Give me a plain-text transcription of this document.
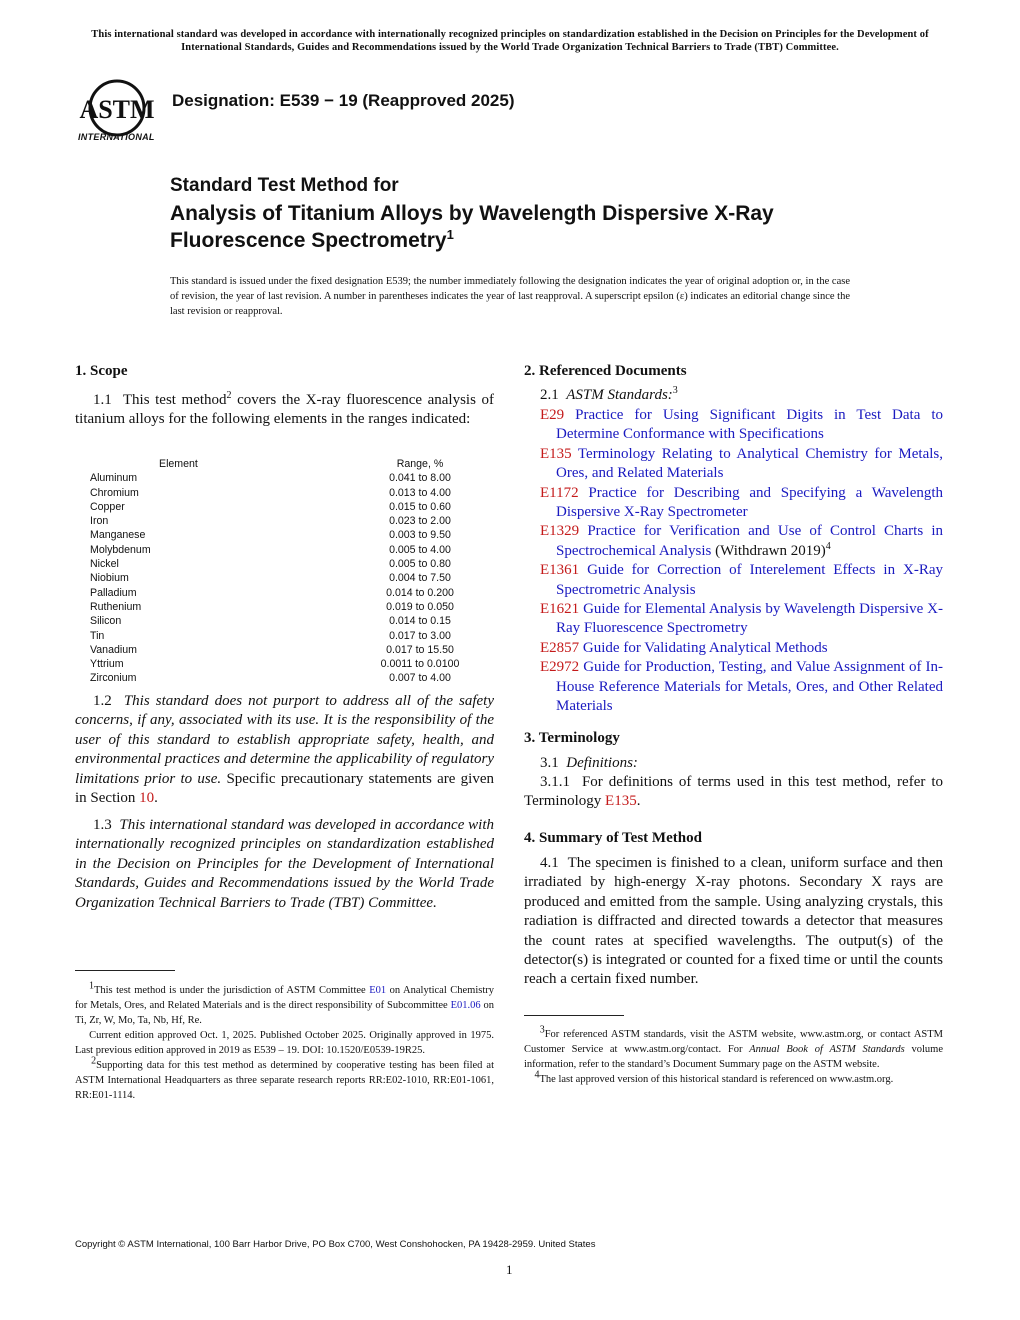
This international standard was developed in accordance with internationally recognized principles on standardization established in the Decision on Principles for the Development of International Standards, Guides and Recommendations issued by the World Trade Organization Technical Barriers to Trade (TBT) Committee.
ASTM
INTERNATIONAL
Designation: E539 − 19 (Reapproved 2025)
Standard Test Method for
Analysis of Titanium Alloys by Wavelength Dispersive X-Ray Fluorescence Spectrometry$^1$
This standard is issued under the fixed designation E539; the number immediately following the designation indicates the year of original adoption or, in the case of revision, the year of last revision. A number in parentheses indicates the year of last reapproval. A superscript epsilon (ε) indicates an editorial change since the last revision or reapproval.
1. Scope
1.1 This test method$^2$ covers the X-ray fluorescence analysis of titanium alloys for the following elements in the ranges indicated:
Element	Range, %
Aluminum	0.041 to 8.00
Chromium	0.013 to 4.00
Copper	0.015 to 0.60
Iron	0.023 to 2.00
Manganese	0.003 to 9.50
Molybdenum	0.005 to 4.00
Nickel	0.005 to 0.80
Niobium	0.004 to 7.50
Palladium	0.014 to 0.200
Ruthenium	0.019 to 0.050
Silicon	0.014 to 0.15
Tin	0.017 to 3.00
Vanadium	0.017 to 15.50
Yttrium	0.0011 to 0.0100
Zirconium	0.007 to 4.00
1.2 This standard does not purport to address all of the safety concerns, if any, associated with its use. It is the responsibility of the user of this standard to establish appropriate safety, health, and environmental practices and determine the applicability of regulatory limitations prior to use. Specific precautionary statements are given in Section 10.
1.3 This international standard was developed in accordance with internationally recognized principles on standardization established in the Decision on Principles for the Development of International Standards, Guides and Recommendations issued by the World Trade Organization Technical Barriers to Trade (TBT) Committee.
$^1$This test method is under the jurisdiction of ASTM Committee E01 on Analytical Chemistry for Metals, Ores, and Related Materials and is the direct responsibility of Subcommittee E01.06 on Ti, Zr, W, Mo, Ta, Nb, Hf, Re.
Current edition approved Oct. 1, 2025. Published October 2025. Originally approved in 1975. Last previous edition approved in 2019 as E539 – 19. DOI: 10.1520/E0539-19R25.
$^2$Supporting data for this test method as determined by cooperative testing has been filed at ASTM International Headquarters as three separate research reports RR:E02-1010, RR:E01-1061, RR:E01-1114.
2. Referenced Documents
2.1 ASTM Standards:$^3$
E29 Practice for Using Significant Digits in Test Data to Determine Conformance with Specifications
E135 Terminology Relating to Analytical Chemistry for Metals, Ores, and Related Materials
E1172 Practice for Describing and Specifying a Wavelength Dispersive X-Ray Spectrometer
E1329 Practice for Verification and Use of Control Charts in Spectrochemical Analysis (Withdrawn 2019)$^4$
E1361 Guide for Correction of Interelement Effects in X-Ray Spectrometric Analysis
E1621 Guide for Elemental Analysis by Wavelength Dispersive X-Ray Fluorescence Spectrometry
E2857 Guide for Validating Analytical Methods
E2972 Guide for Production, Testing, and Value Assignment of In-House Reference Materials for Metals, Ores, and Other Related Materials
3. Terminology
3.1 Definitions:
3.1.1 For definitions of terms used in this test method, refer to Terminology E135.
4. Summary of Test Method
4.1 The specimen is finished to a clean, uniform surface and then irradiated by high-energy X-ray photons. Secondary X rays are produced and emitted from the sample. Using analyzing crystals, this radiation is diffracted and directed towards a detector that measures the count rates at specified wavelengths. The output(s) of the detector(s) is integrated or counted for a fixed time or until the counts reach a certain fixed number.
$^3$For referenced ASTM standards, visit the ASTM website, www.astm.org, or contact ASTM Customer Service at www.astm.org/contact. For Annual Book of ASTM Standards volume information, refer to the standard’s Document Summary page on the ASTM website.
$^4$The last approved version of this historical standard is referenced on www.astm.org.
Copyright © ASTM International, 100 Barr Harbor Drive, PO Box C700, West Conshohocken, PA 19428-2959. United States
1
